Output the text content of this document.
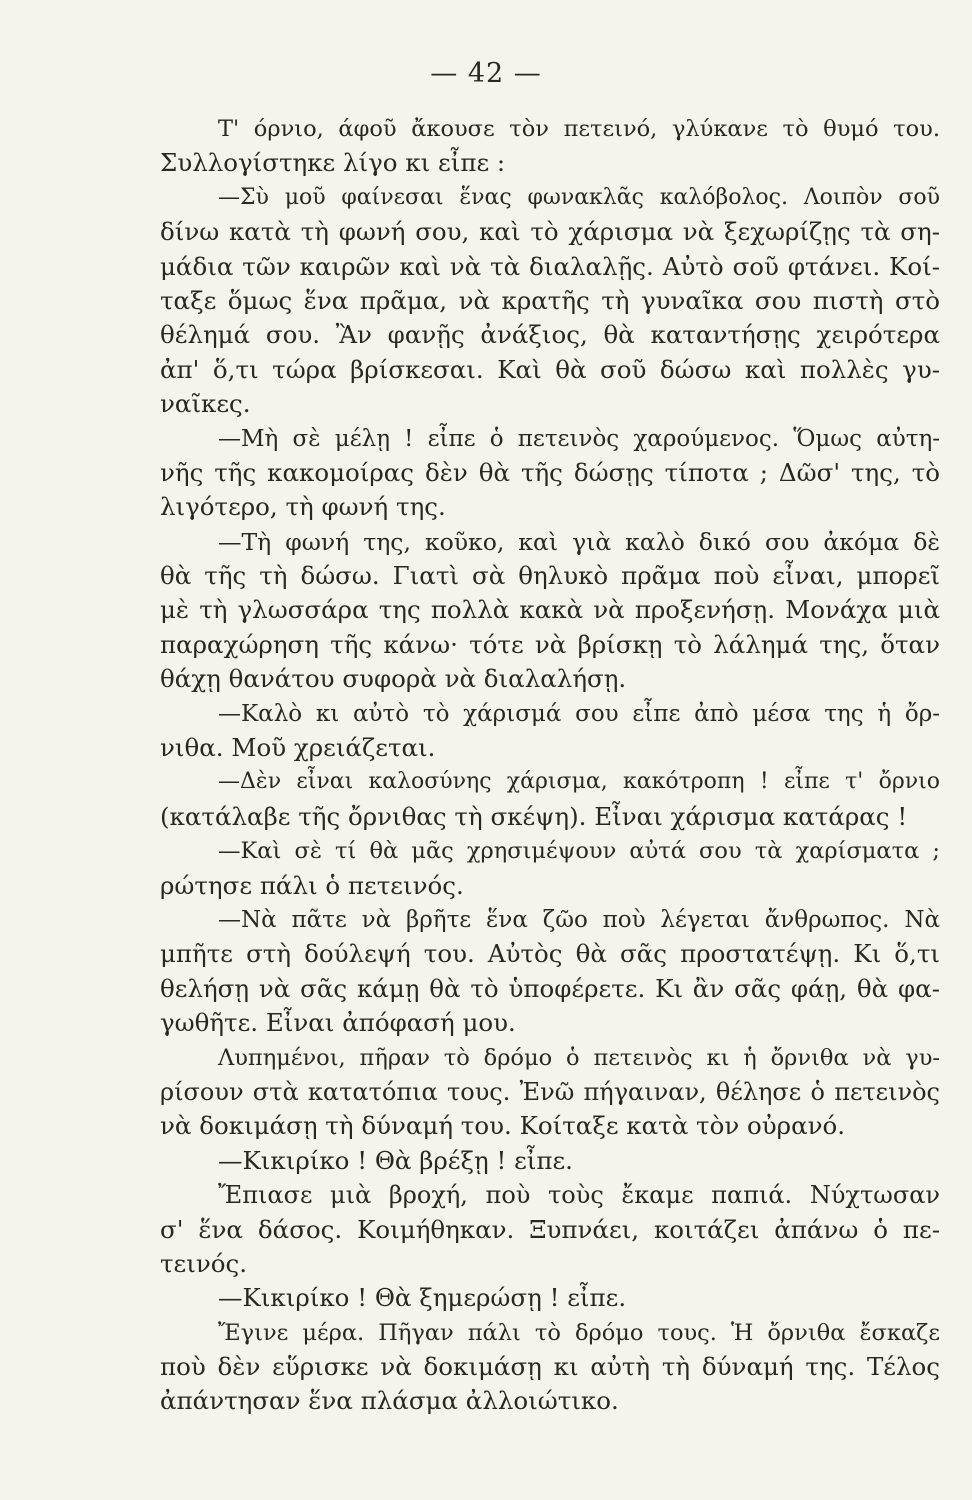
— 42 —
Τ' όρνιο, άφοῦ ἄκουσε τὸν πετεινό, γλύκανε τὸ θυμό του.
Συλλογίστηκε λίγο κι εἶπε :
—Σὺ μοῦ φαίνεσαι ἕνας φωνακλᾶς καλόβολος. Λοιπὸν σοῦ
δίνω κατὰ τὴ φωνή σου, καὶ τὸ χάρισμα νὰ ξεχωρίζῃς τὰ ση-
μάδια τῶν καιρῶν καὶ νὰ τὰ διαλαλῇς. Αὐτὸ σοῦ φτάνει. Κοί-
ταξε ὅμως ἕνα πρᾶμα, νὰ κρατῆς τὴ γυναῖκα σου πιστὴ στὸ
θέλημά σου. Ἂν φανῇς ἀνάξιος, θὰ καταντήσῃς χειρότερα
ἀπ' ὅ,τι τώρα βρίσκεσαι. Καὶ θὰ σοῦ δώσω καὶ πολλὲς γυ-
ναῖκες.
—Μὴ σὲ μέλῃ ! εἶπε ὁ πετεινὸς χαρούμενος. Ὅμως αὐτη-
νῆς τῆς κακομοίρας δὲν θὰ τῆς δώσῃς τίποτα ; Δῶσ' της, τὸ
λιγότερο, τὴ φωνή της.
—Τὴ φωνή της, κοῦκο, καὶ γιὰ καλὸ δικό σου ἀκόμα δὲ
θὰ τῆς τὴ δώσω. Γιατὶ σὰ θηλυκὸ πρᾶμα ποὺ εἶναι, μπορεῖ
μὲ τὴ γλωσσάρα της πολλὰ κακὰ νὰ προξενήσῃ. Μονάχα μιὰ
παραχώρηση τῆς κάνω· τότε νὰ βρίσκῃ τὸ λάλημά της, ὅταν
θάχῃ θανάτου συφορὰ νὰ διαλαλήσῃ.
—Καλὸ κι αὐτὸ τὸ χάρισμά σου εἶπε ἀπὸ μέσα της ἡ ὄρ-
νιθα. Μοῦ χρειάζεται.
—Δὲν εἶναι καλοσύνης χάρισμα, κακότροπη ! εἶπε τ' ὄρνιο
(κατάλαβε τῆς ὄρνιθας τὴ σκέψη). Εἶναι χάρισμα κατάρας !
—Καὶ σὲ τί θὰ μᾶς χρησιμέψουν αὐτά σου τὰ χαρίσματα ;
ρώτησε πάλι ὁ πετεινός.
—Νὰ πᾶτε νὰ βρῆτε ἕνα ζῶο ποὺ λέγεται ἄνθρωπος. Νὰ
μπῆτε στὴ δούλεψή του. Αὐτὸς θὰ σᾶς προστατέψῃ. Κι ὅ,τι
θελήσῃ νὰ σᾶς κάμῃ θὰ τὸ ὑποφέρετε. Κι ἂν σᾶς φάῃ, θὰ φα-
γωθῆτε. Εἶναι ἀπόφασή μου.
Λυπημένοι, πῆραν τὸ δρόμο ὁ πετεινὸς κι ἡ ὄρνιθα νὰ γυ-
ρίσουν στὰ κατατόπια τους. Ἐνῶ πήγαιναν, θέλησε ὁ πετεινὸς
νὰ δοκιμάσῃ τὴ δύναμή του. Κοίταξε κατὰ τὸν οὐρανό.
—Κικιρίκο ! Θὰ βρέξῃ ! εἶπε.
Ἔπιασε μιὰ βροχή, ποὺ τοὺς ἔκαμε παπιά. Νύχτωσαν
σ' ἕνα δάσος. Κοιμήθηκαν. Ξυπνάει, κοιτάζει ἀπάνω ὁ πε-
τεινός.
—Κικιρίκο ! Θὰ ξημερώσῃ ! εἶπε.
Ἔγινε μέρα. Πῆγαν πάλι τὸ δρόμο τους. Ἡ ὄρνιθα ἔσκαζε
ποὺ δὲν εὕρισκε νὰ δοκιμάσῃ κι αὐτὴ τὴ δύναμή της. Τέλος
ἀπάντησαν ἕνα πλάσμα ἀλλοιώτικο.
